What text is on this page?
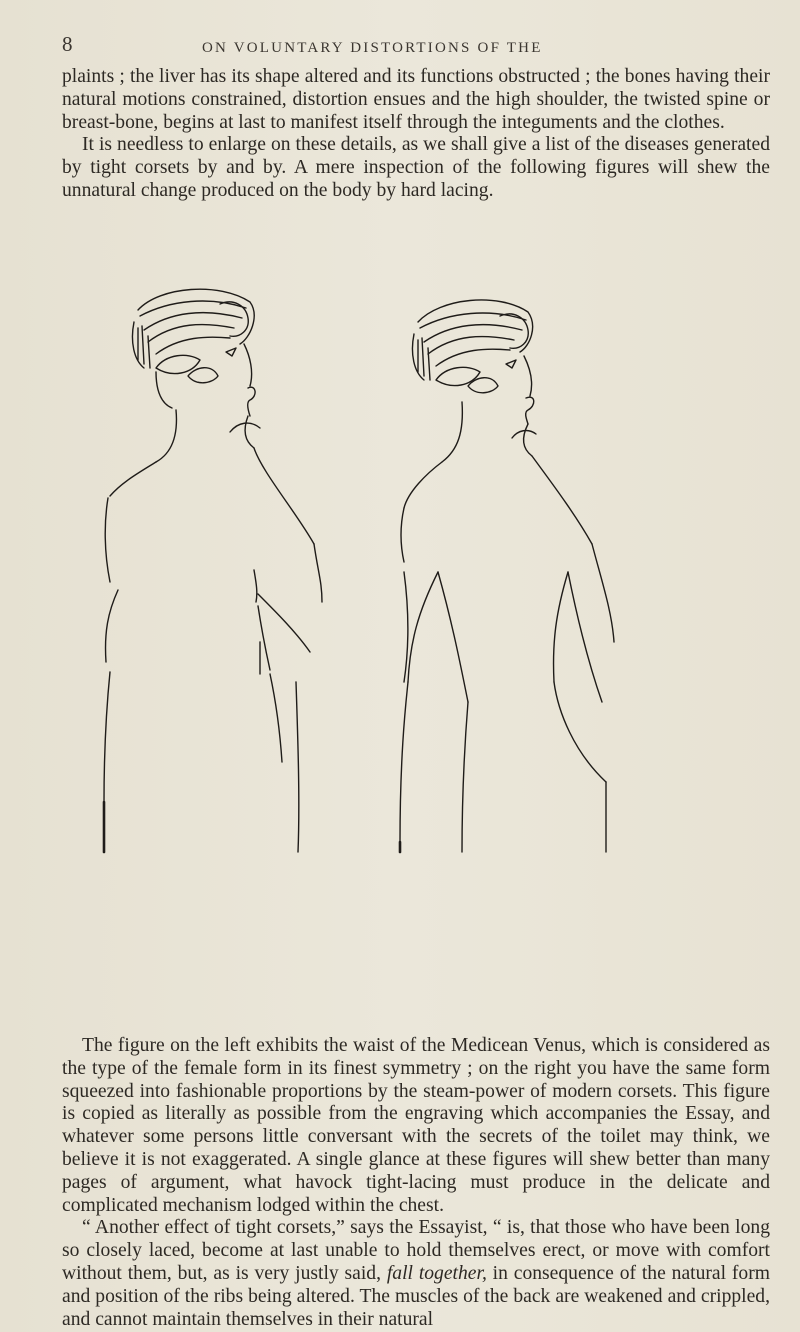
8	ON VOLUNTARY DISTORTIONS OF THE

plaints ; the liver has its shape altered and its functions obstructed ; the bones having their natural motions constrained, distortion ensues and the high shoulder, the twisted spine or breast-bone, begins at last to manifest itself through the integuments and the clothes.

It is needless to enlarge on these details, as we shall give a list of the diseases generated by tight corsets by and by. A mere inspection of the following figures will shew the unnatural change produced on the body by hard lacing.

The figure on the left exhibits the waist of the Medicean Venus, which is considered as the type of the female form in its finest symmetry ; on the right you have the same form squeezed into fashionable proportions by the steam-power of modern corsets. This figure is copied as literally as possible from the engraving which accompanies the Essay, and whatever some persons little conversant with the secrets of the toilet may think, we believe it is not exaggerated. A single glance at these figures will shew better than many pages of argument, what havock tight-lacing must produce in the delicate and complicated mechanism lodged within the chest.

“ Another effect of tight corsets,” says the Essayist, “ is, that those who have been long so closely laced, become at last unable to hold themselves erect, or move with comfort without them, but, as is very justly said, fall together, in consequence of the natural form and position of the ribs being altered. The muscles of the back are weakened and crippled, and cannot maintain themselves in their natural
